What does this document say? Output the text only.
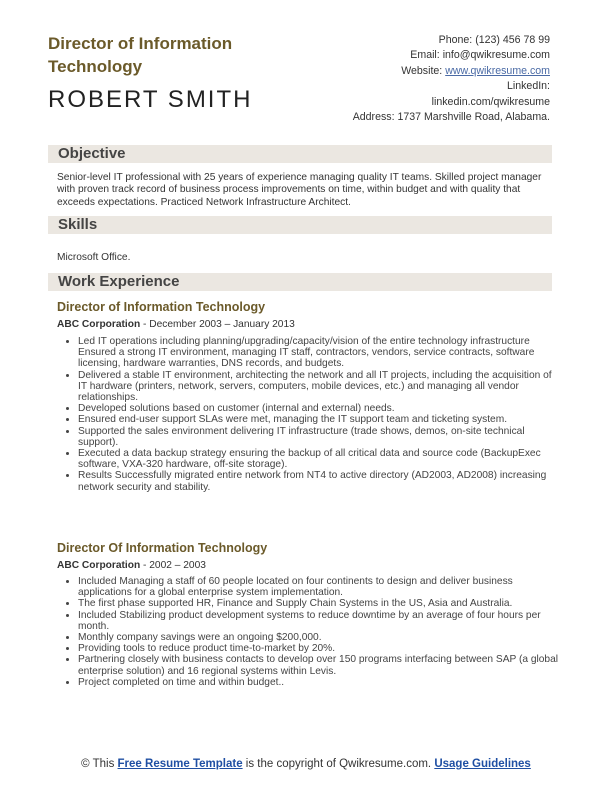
Director of Information Technology
ROBERT SMITH
Phone: (123) 456 78 99
Email: info@qwikresume.com
Website: www.qwikresume.com
LinkedIn:
linkedin.com/qwikresume
Address: 1737 Marshville Road, Alabama.
Objective
Senior-level IT professional with 25 years of experience managing quality IT teams. Skilled project manager with proven track record of business process improvements on time, within budget and with quality that exceeds expectations. Practiced Network Infrastructure Architect.
Skills
Microsoft Office.
Work Experience
Director of Information Technology
ABC Corporation - December 2003 – January 2013
• Led IT operations including planning/upgrading/capacity/vision of the entire technology infrastructure Ensured a strong IT environment, managing IT staff, contractors, vendors, service contracts, software licensing, hardware warranties, DNS records, and budgets.
• Delivered a stable IT environment, architecting the network and all IT projects, including the acquisition of IT hardware (printers, network, servers, computers, mobile devices, etc.) and managing all vendor relationships.
• Developed solutions based on customer (internal and external) needs.
• Ensured end-user support SLAs were met, managing the IT support team and ticketing system.
• Supported the sales environment delivering IT infrastructure (trade shows, demos, on-site technical support).
• Executed a data backup strategy ensuring the backup of all critical data and source code (BackupExec software, VXA-320 hardware, off-site storage).
• Results Successfully migrated entire network from NT4 to active directory (AD2003, AD2008) increasing network security and stability.
Director Of Information Technology
ABC Corporation - 2002 – 2003
• Included Managing a staff of 60 people located on four continents to design and deliver business applications for a global enterprise system implementation.
• The first phase supported HR, Finance and Supply Chain Systems in the US, Asia and Australia.
• Included Stabilizing product development systems to reduce downtime by an average of four hours per month.
• Monthly company savings were an ongoing $200,000.
• Providing tools to reduce product time-to-market by 20%.
• Partnering closely with business contacts to develop over 150 programs interfacing between SAP (a global enterprise solution) and 16 regional systems within Levis.
• Project completed on time and within budget..
© This Free Resume Template is the copyright of Qwikresume.com. Usage Guidelines
